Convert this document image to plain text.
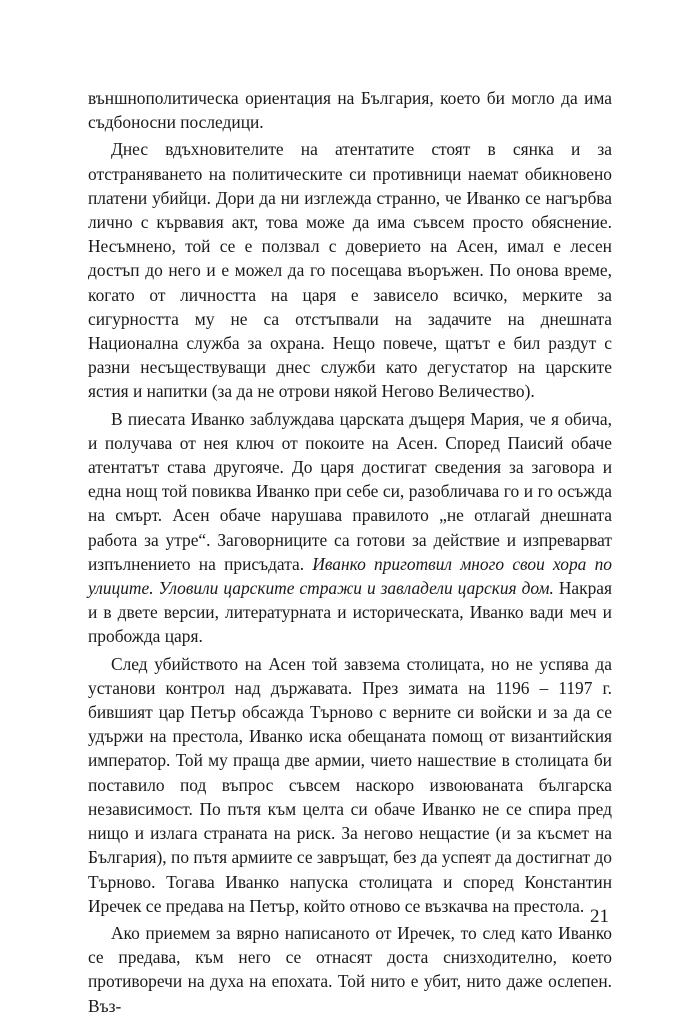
външнополитическа ориентация на България, което би могло да има съдбоносни последици.

Днес вдъхновителите на атентатите стоят в сянка и за отстраняването на политическите си противници наемат обикновено платени убийци. Дори да ни изглежда странно, че Иванко се нагърбва лично с кървавия акт, това може да има съвсем просто обяснение. Несъмнено, той се е ползвал с доверието на Асен, имал е лесен достъп до него и е можел да го посещава въоръжен. По онова време, когато от личността на царя е зависело всичко, мерките за сигурността му не са отстъпвали на задачите на днешната Национална служба за охрана. Нещо повече, щатът е бил раздут с разни несъществуващи днес служби като дегустатор на царските ястия и напитки (за да не отрови някой Негово Величество).

В пиесата Иванко заблуждава царската дъщеря Мария, че я обича, и получава от нея ключ от покоите на Асен. Според Паисий обаче атентатът става другояче. До царя достигат сведения за заговора и една нощ той повиква Иванко при себе си, разобличава го и го осъжда на смърт. Асен обаче нарушава правилото „не отлагай днешната работа за утре“. Заговорниците са готови за действие и изпреварват изпълнението на присъдата. Иванко приготвил много свои хора по улиците. Уловили царските стражи и завладели царския дом. Накрая и в двете версии, литературната и историческата, Иванко вади меч и пробожда царя.

След убийството на Асен той завзема столицата, но не успява да установи контрол над държавата. През зимата на 1196 – 1197 г. бившият цар Петър обсажда Търново с верните си войски и за да се удържи на престола, Иванко иска обещаната помощ от византийския император. Той му праща две армии, чието нашествие в столицата би поставило под въпрос съвсем наскоро извоюваната българска независимост. По пътя към целта си обаче Иванко не се спира пред нищо и излага страната на риск. За негово нещастие (и за късмет на България), по пътя армиите се завръщат, без да успеят да достигнат до Търново. Тогава Иванко напуска столицата и според Константин Иречек се предава на Петър, който отново се възкачва на престола.

Ако приемем за вярно написаното от Иречек, то след като Иванко се предава, към него се отнасят доста снизходително, което противоречи на духа на епохата. Той нито е убит, нито даже ослепен. Въз-

21
